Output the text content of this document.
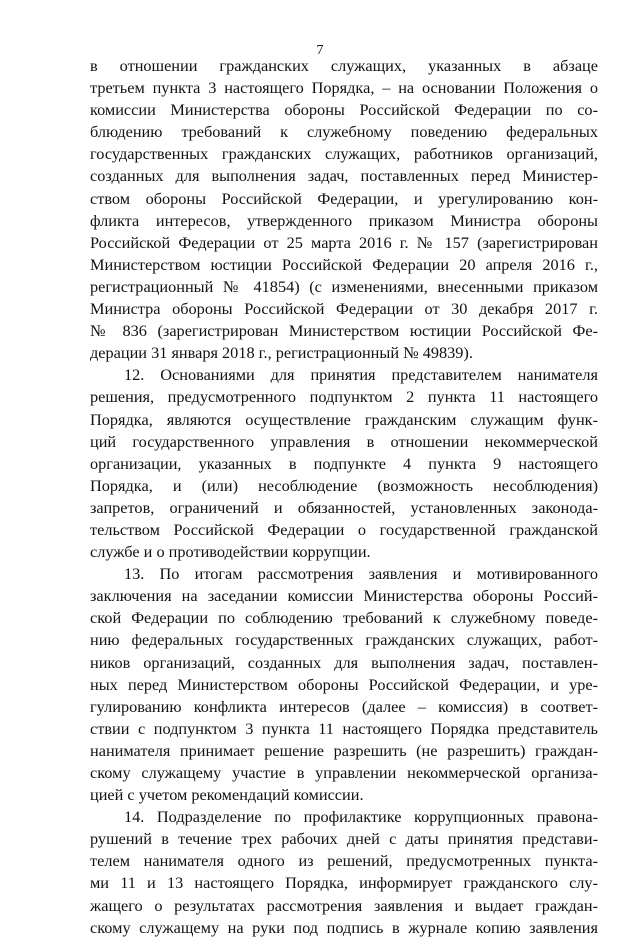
7
в отношении гражданских служащих, указанных в абзаце
третьем пункта 3 настоящего Порядка, – на основании Положения о
комиссии Министерства обороны Российской Федерации по со-
блюдению требований к служебному поведению федеральных
государственных гражданских служащих, работников организаций,
созданных для выполнения задач, поставленных перед Министер-
ством обороны Российской Федерации, и урегулированию кон-
фликта интересов, утвержденного приказом Министра обороны
Российской Федерации от 25 марта 2016 г. № 157 (зарегистрирован
Министерством юстиции Российской Федерации 20 апреля 2016 г.,
регистрационный № 41854) (с изменениями, внесенными приказом
Министра обороны Российской Федерации от 30 декабря 2017 г.
№ 836 (зарегистрирован Министерством юстиции Российской Фе-
дерации 31 января 2018 г., регистрационный № 49839).
12. Основаниями для принятия представителем нанимателя
решения, предусмотренного подпунктом 2 пункта 11 настоящего
Порядка, являются осуществление гражданским служащим функ-
ций государственного управления в отношении некоммерческой
организации, указанных в подпункте 4 пункта 9 настоящего
Порядка, и (или) несоблюдение (возможность несоблюдения)
запретов, ограничений и обязанностей, установленных законода-
тельством Российской Федерации о государственной гражданской
службе и о противодействии коррупции.
13. По итогам рассмотрения заявления и мотивированного
заключения на заседании комиссии Министерства обороны Россий-
ской Федерации по соблюдению требований к служебному поведе-
нию федеральных государственных гражданских служащих, работ-
ников организаций, созданных для выполнения задач, поставлен-
ных перед Министерством обороны Российской Федерации, и уре-
гулированию конфликта интересов (далее – комиссия) в соответ-
ствии с подпунктом 3 пункта 11 настоящего Порядка представитель
нанимателя принимает решение разрешить (не разрешить) граждан-
скому служащему участие в управлении некоммерческой организа-
цией с учетом рекомендаций комиссии.
14. Подразделение по профилактике коррупционных правона-
рушений в течение трех рабочих дней с даты принятия представи-
телем нанимателя одного из решений, предусмотренных пункта-
ми 11 и 13 настоящего Порядка, информирует гражданского слу-
жащего о результатах рассмотрения заявления и выдает граждан-
скому служащему на руки под подпись в журнале копию заявления
